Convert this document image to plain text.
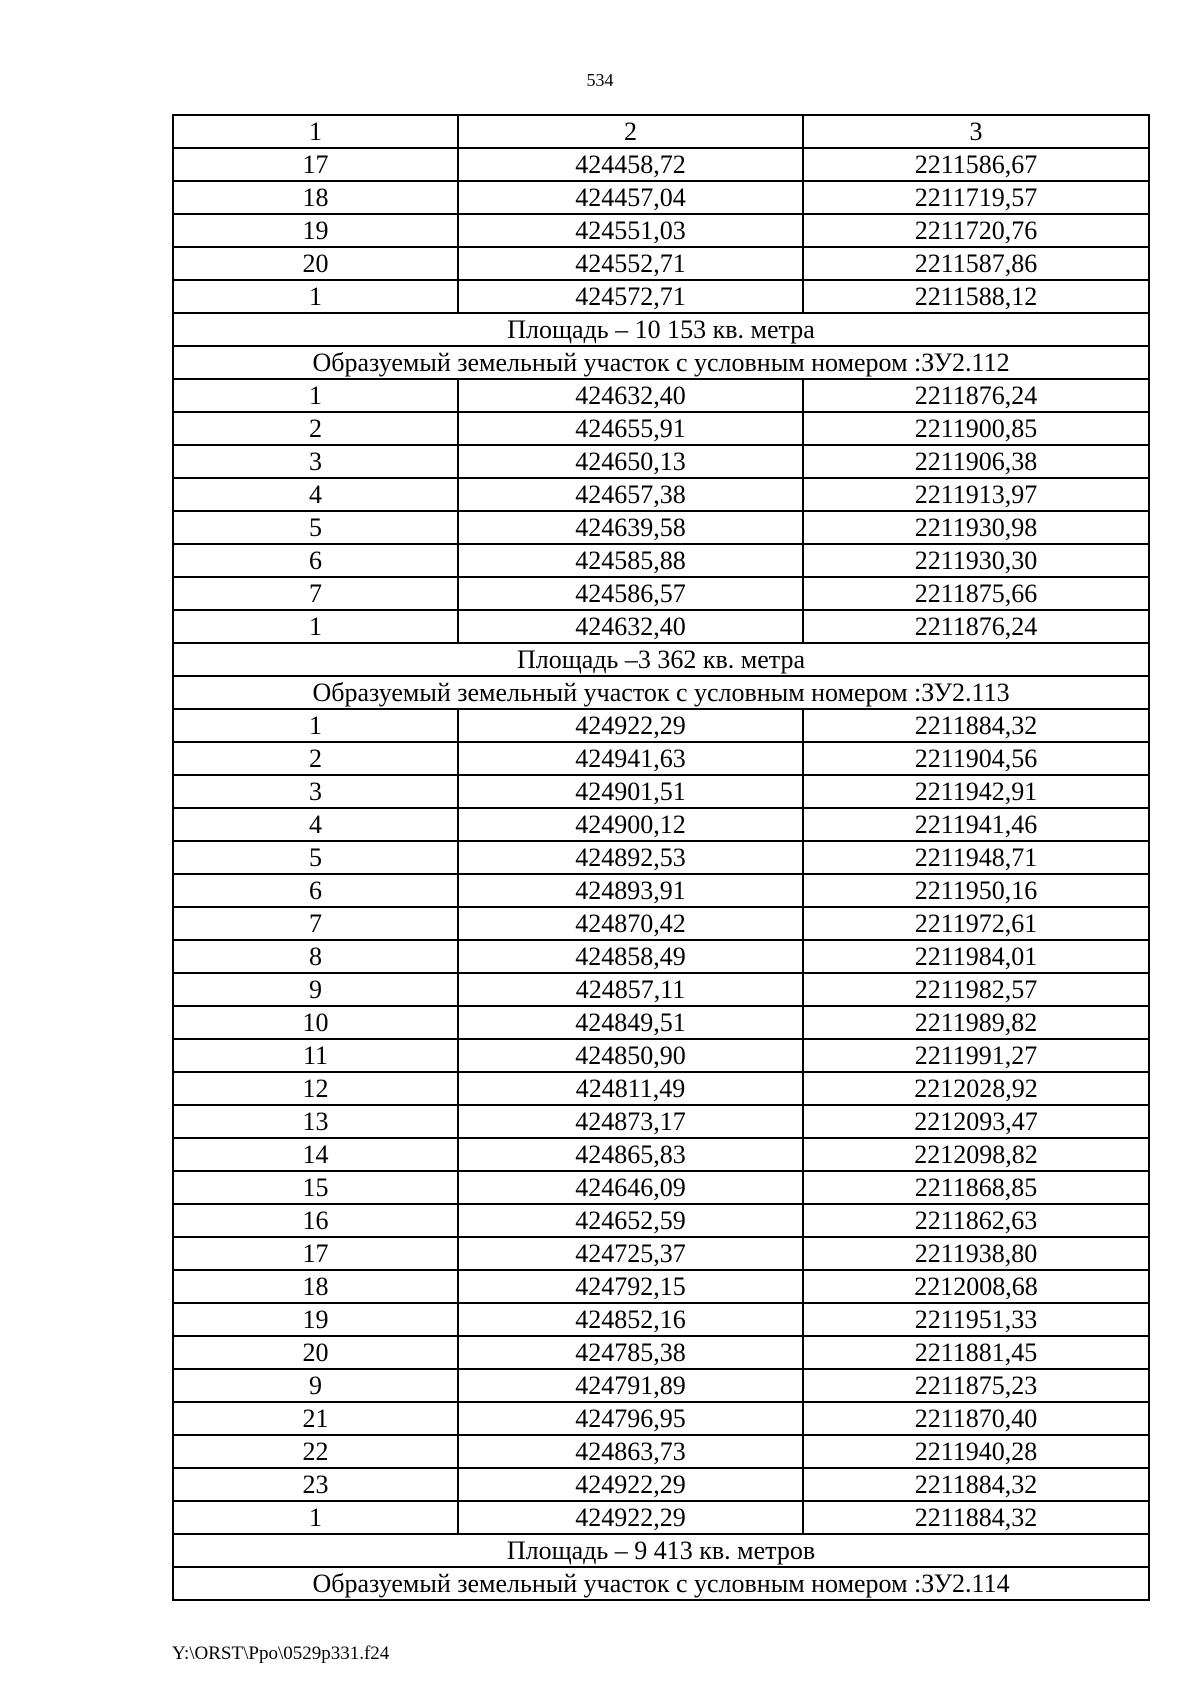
534
1	2	3
17	424458,72	2211586,67
18	424457,04	2211719,57
19	424551,03	2211720,76
20	424552,71	2211587,86
1	424572,71	2211588,12
Площадь – 10 153 кв. метра		
Образуемый земельный участок с условным номером :ЗУ2.112		
1	424632,40	2211876,24
2	424655,91	2211900,85
3	424650,13	2211906,38
4	424657,38	2211913,97
5	424639,58	2211930,98
6	424585,88	2211930,30
7	424586,57	2211875,66
1	424632,40	2211876,24
Площадь –3 362 кв. метра		
Образуемый земельный участок с условным номером :ЗУ2.113		
1	424922,29	2211884,32
2	424941,63	2211904,56
3	424901,51	2211942,91
4	424900,12	2211941,46
5	424892,53	2211948,71
6	424893,91	2211950,16
7	424870,42	2211972,61
8	424858,49	2211984,01
9	424857,11	2211982,57
10	424849,51	2211989,82
11	424850,90	2211991,27
12	424811,49	2212028,92
13	424873,17	2212093,47
14	424865,83	2212098,82
15	424646,09	2211868,85
16	424652,59	2211862,63
17	424725,37	2211938,80
18	424792,15	2212008,68
19	424852,16	2211951,33
20	424785,38	2211881,45
9	424791,89	2211875,23
21	424796,95	2211870,40
22	424863,73	2211940,28
23	424922,29	2211884,32
1	424922,29	2211884,32
Площадь – 9 413 кв. метров		
Образуемый земельный участок с условным номером :ЗУ2.114		
Y:\ORST\Ppo\0529p331.f24
